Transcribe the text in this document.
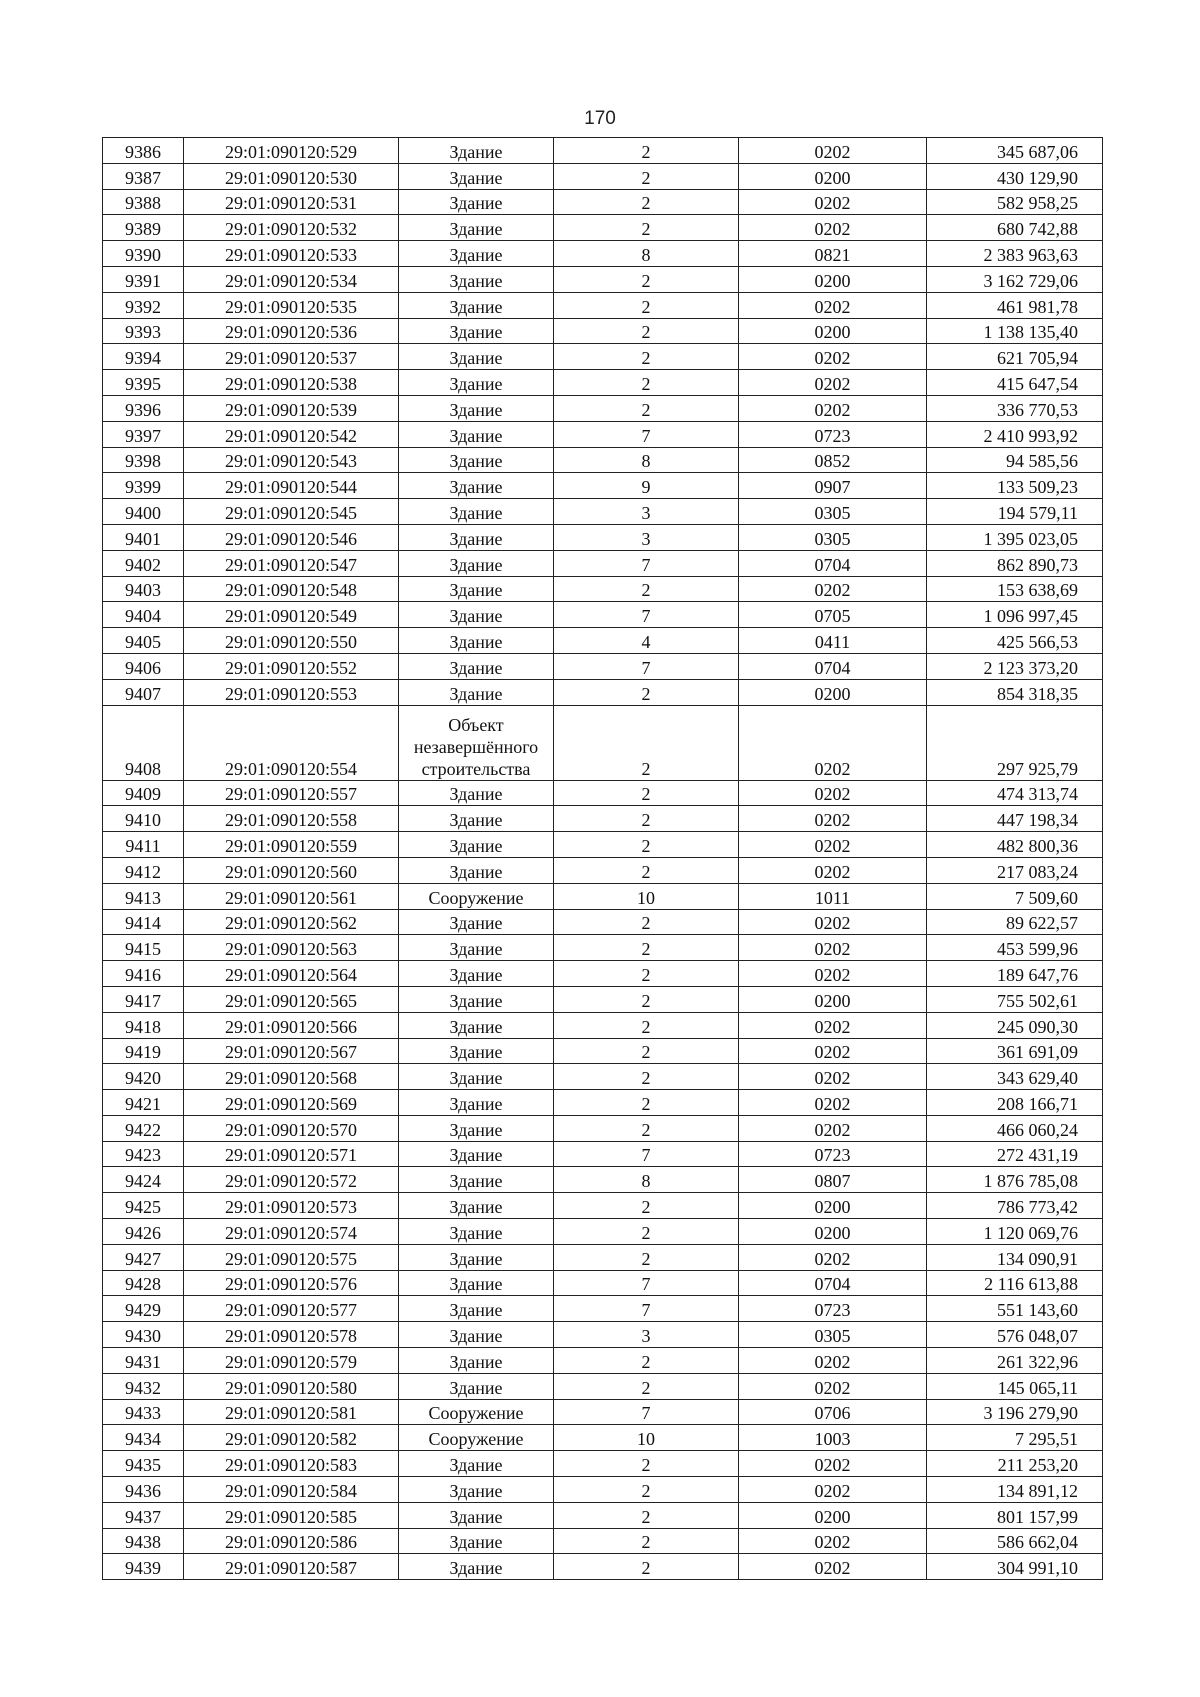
170
9386	29:01:090120:529	Здание	2	0202	345 687,06
9387	29:01:090120:530	Здание	2	0200	430 129,90
9388	29:01:090120:531	Здание	2	0202	582 958,25
9389	29:01:090120:532	Здание	2	0202	680 742,88
9390	29:01:090120:533	Здание	8	0821	2 383 963,63
9391	29:01:090120:534	Здание	2	0200	3 162 729,06
9392	29:01:090120:535	Здание	2	0202	461 981,78
9393	29:01:090120:536	Здание	2	0200	1 138 135,40
9394	29:01:090120:537	Здание	2	0202	621 705,94
9395	29:01:090120:538	Здание	2	0202	415 647,54
9396	29:01:090120:539	Здание	2	0202	336 770,53
9397	29:01:090120:542	Здание	7	0723	2 410 993,92
9398	29:01:090120:543	Здание	8	0852	94 585,56
9399	29:01:090120:544	Здание	9	0907	133 509,23
9400	29:01:090120:545	Здание	3	0305	194 579,11
9401	29:01:090120:546	Здание	3	0305	1 395 023,05
9402	29:01:090120:547	Здание	7	0704	862 890,73
9403	29:01:090120:548	Здание	2	0202	153 638,69
9404	29:01:090120:549	Здание	7	0705	1 096 997,45
9405	29:01:090120:550	Здание	4	0411	425 566,53
9406	29:01:090120:552	Здание	7	0704	2 123 373,20
9407	29:01:090120:553	Здание	2	0200	854 318,35
9408	29:01:090120:554	Объект незавершённого строительства	2	0202	297 925,79
9409	29:01:090120:557	Здание	2	0202	474 313,74
9410	29:01:090120:558	Здание	2	0202	447 198,34
9411	29:01:090120:559	Здание	2	0202	482 800,36
9412	29:01:090120:560	Здание	2	0202	217 083,24
9413	29:01:090120:561	Сооружение	10	1011	7 509,60
9414	29:01:090120:562	Здание	2	0202	89 622,57
9415	29:01:090120:563	Здание	2	0202	453 599,96
9416	29:01:090120:564	Здание	2	0202	189 647,76
9417	29:01:090120:565	Здание	2	0200	755 502,61
9418	29:01:090120:566	Здание	2	0202	245 090,30
9419	29:01:090120:567	Здание	2	0202	361 691,09
9420	29:01:090120:568	Здание	2	0202	343 629,40
9421	29:01:090120:569	Здание	2	0202	208 166,71
9422	29:01:090120:570	Здание	2	0202	466 060,24
9423	29:01:090120:571	Здание	7	0723	272 431,19
9424	29:01:090120:572	Здание	8	0807	1 876 785,08
9425	29:01:090120:573	Здание	2	0200	786 773,42
9426	29:01:090120:574	Здание	2	0200	1 120 069,76
9427	29:01:090120:575	Здание	2	0202	134 090,91
9428	29:01:090120:576	Здание	7	0704	2 116 613,88
9429	29:01:090120:577	Здание	7	0723	551 143,60
9430	29:01:090120:578	Здание	3	0305	576 048,07
9431	29:01:090120:579	Здание	2	0202	261 322,96
9432	29:01:090120:580	Здание	2	0202	145 065,11
9433	29:01:090120:581	Сооружение	7	0706	3 196 279,90
9434	29:01:090120:582	Сооружение	10	1003	7 295,51
9435	29:01:090120:583	Здание	2	0202	211 253,20
9436	29:01:090120:584	Здание	2	0202	134 891,12
9437	29:01:090120:585	Здание	2	0200	801 157,99
9438	29:01:090120:586	Здание	2	0202	586 662,04
9439	29:01:090120:587	Здание	2	0202	304 991,10
